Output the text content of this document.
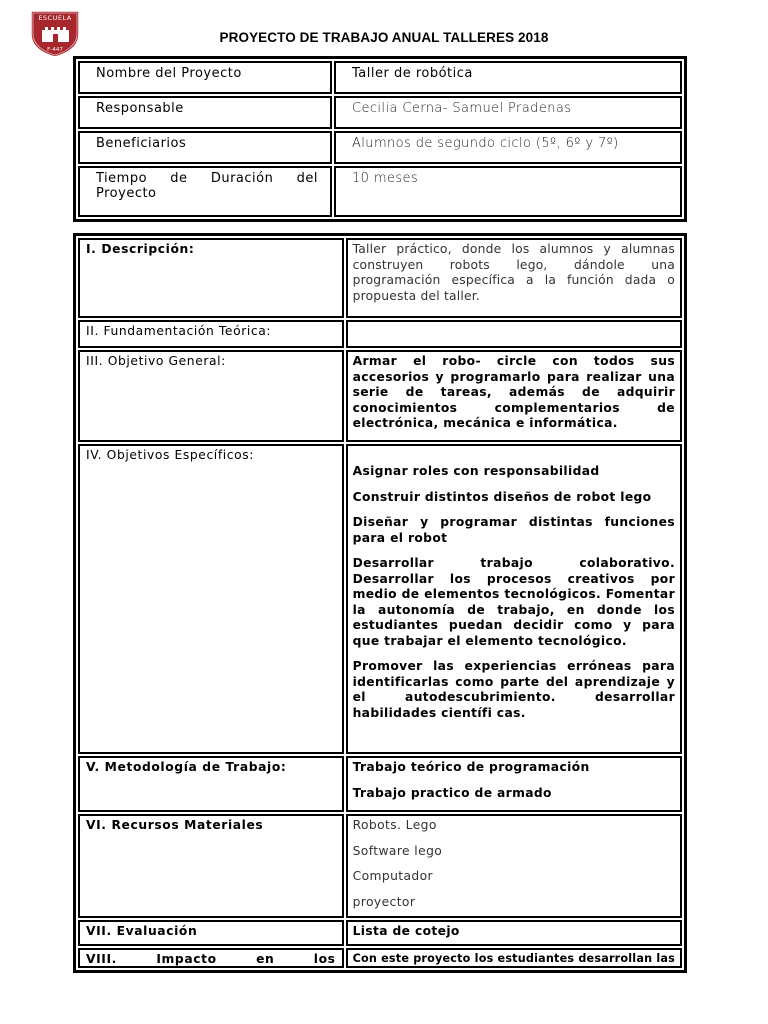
ESCUELA
F-447
PROYECTO DE TRABAJO ANUAL TALLERES 2018
Nombre del Proyecto	Taller de robótica
Responsable	Cecilia Cerna- Samuel Pradenas
Beneficiarios	Alumnos de segundo ciclo (5º, 6º y 7º)

Tiempo de Duración del
Proyecto	10 meses
I. Descripción:	Taller práctico, donde los alumnos y alumnas construyen robots lego, dándole una programación específica a la función dada o propuesta del taller.
II. Fundamentación Teórica:	
III. Objetivo General:	Armar el robo- circle con todos sus accesorios y programarlo para realizar una serie de tareas, además de adquirir conocimientos complementarios de electrónica, mecánica e informática.
IV. Objetivos Específicos:	Asignar roles con responsabilidad
Construir distintos diseños de robot lego
Diseñar y programar distintas funciones para el robot
Desarrollar trabajo colaborativo. Desarrollar los procesos creativos por medio de elementos tecnológicos. Fomentar la autonomía de trabajo, en donde los estudiantes puedan decidir como y para que trabajar el elemento tecnológico.
Promover las experiencias erróneas para identificarlas como parte del aprendizaje y el autodescubrimiento. desarrollar habilidades científi cas.

V. Metodología de Trabajo:	Trabajo teórico de programación
Trabajo practico de armado

VI. Recursos Materiales	Robots. Lego
Software lego
Computador
proyector

VII. Evaluación	Lista de cotejo
VIII. Impacto en los	Con este proyecto los estudiantes desarrollan las
